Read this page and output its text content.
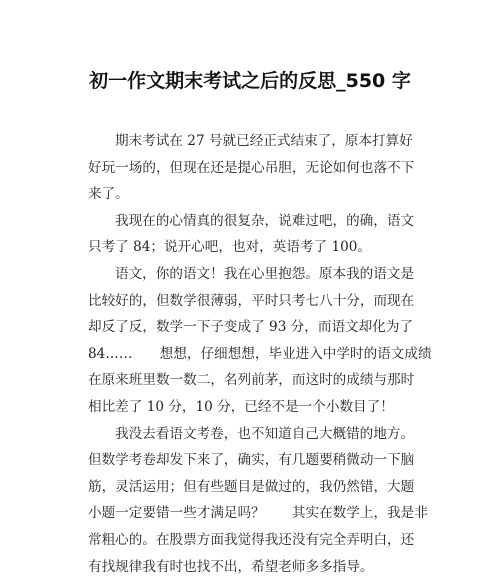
初一作文期末考试之后的反思_550 字
期末考试在 27 号就已经正式结束了，原本打算好
好玩一场的，但现在还是提心吊胆，无论如何也落不下
来了。
我现在的心情真的很复杂，说难过吧，的确，语文
只考了 84；说开心吧，也对，英语考了 100。
语文，你的语文！我在心里抱怨。原本我的语文是
比较好的，但数学很薄弱，平时只考七八十分，而现在
却反了反，数学一下子变成了 93 分，而语文却化为了
84……　　想想，仔细想想，毕业进入中学时的语文成绩
在原来班里数一数二，名列前茅，而这时的成绩与那时
相比差了 10 分，10 分，已经不是一个小数目了！
我没去看语文考卷，也不知道自己大概错的地方。
但数学考卷却发下来了，确实，有几题要稍微动一下脑
筋，灵活运用；但有些题目是做过的，我仍然错，大题
小题一定要错一些才满足吗？　　其实在数学上，我是非
常粗心的。在股票方面我觉得我还没有完全弄明白，还
有找规律我有时也找不出，希望老师多多指导。
